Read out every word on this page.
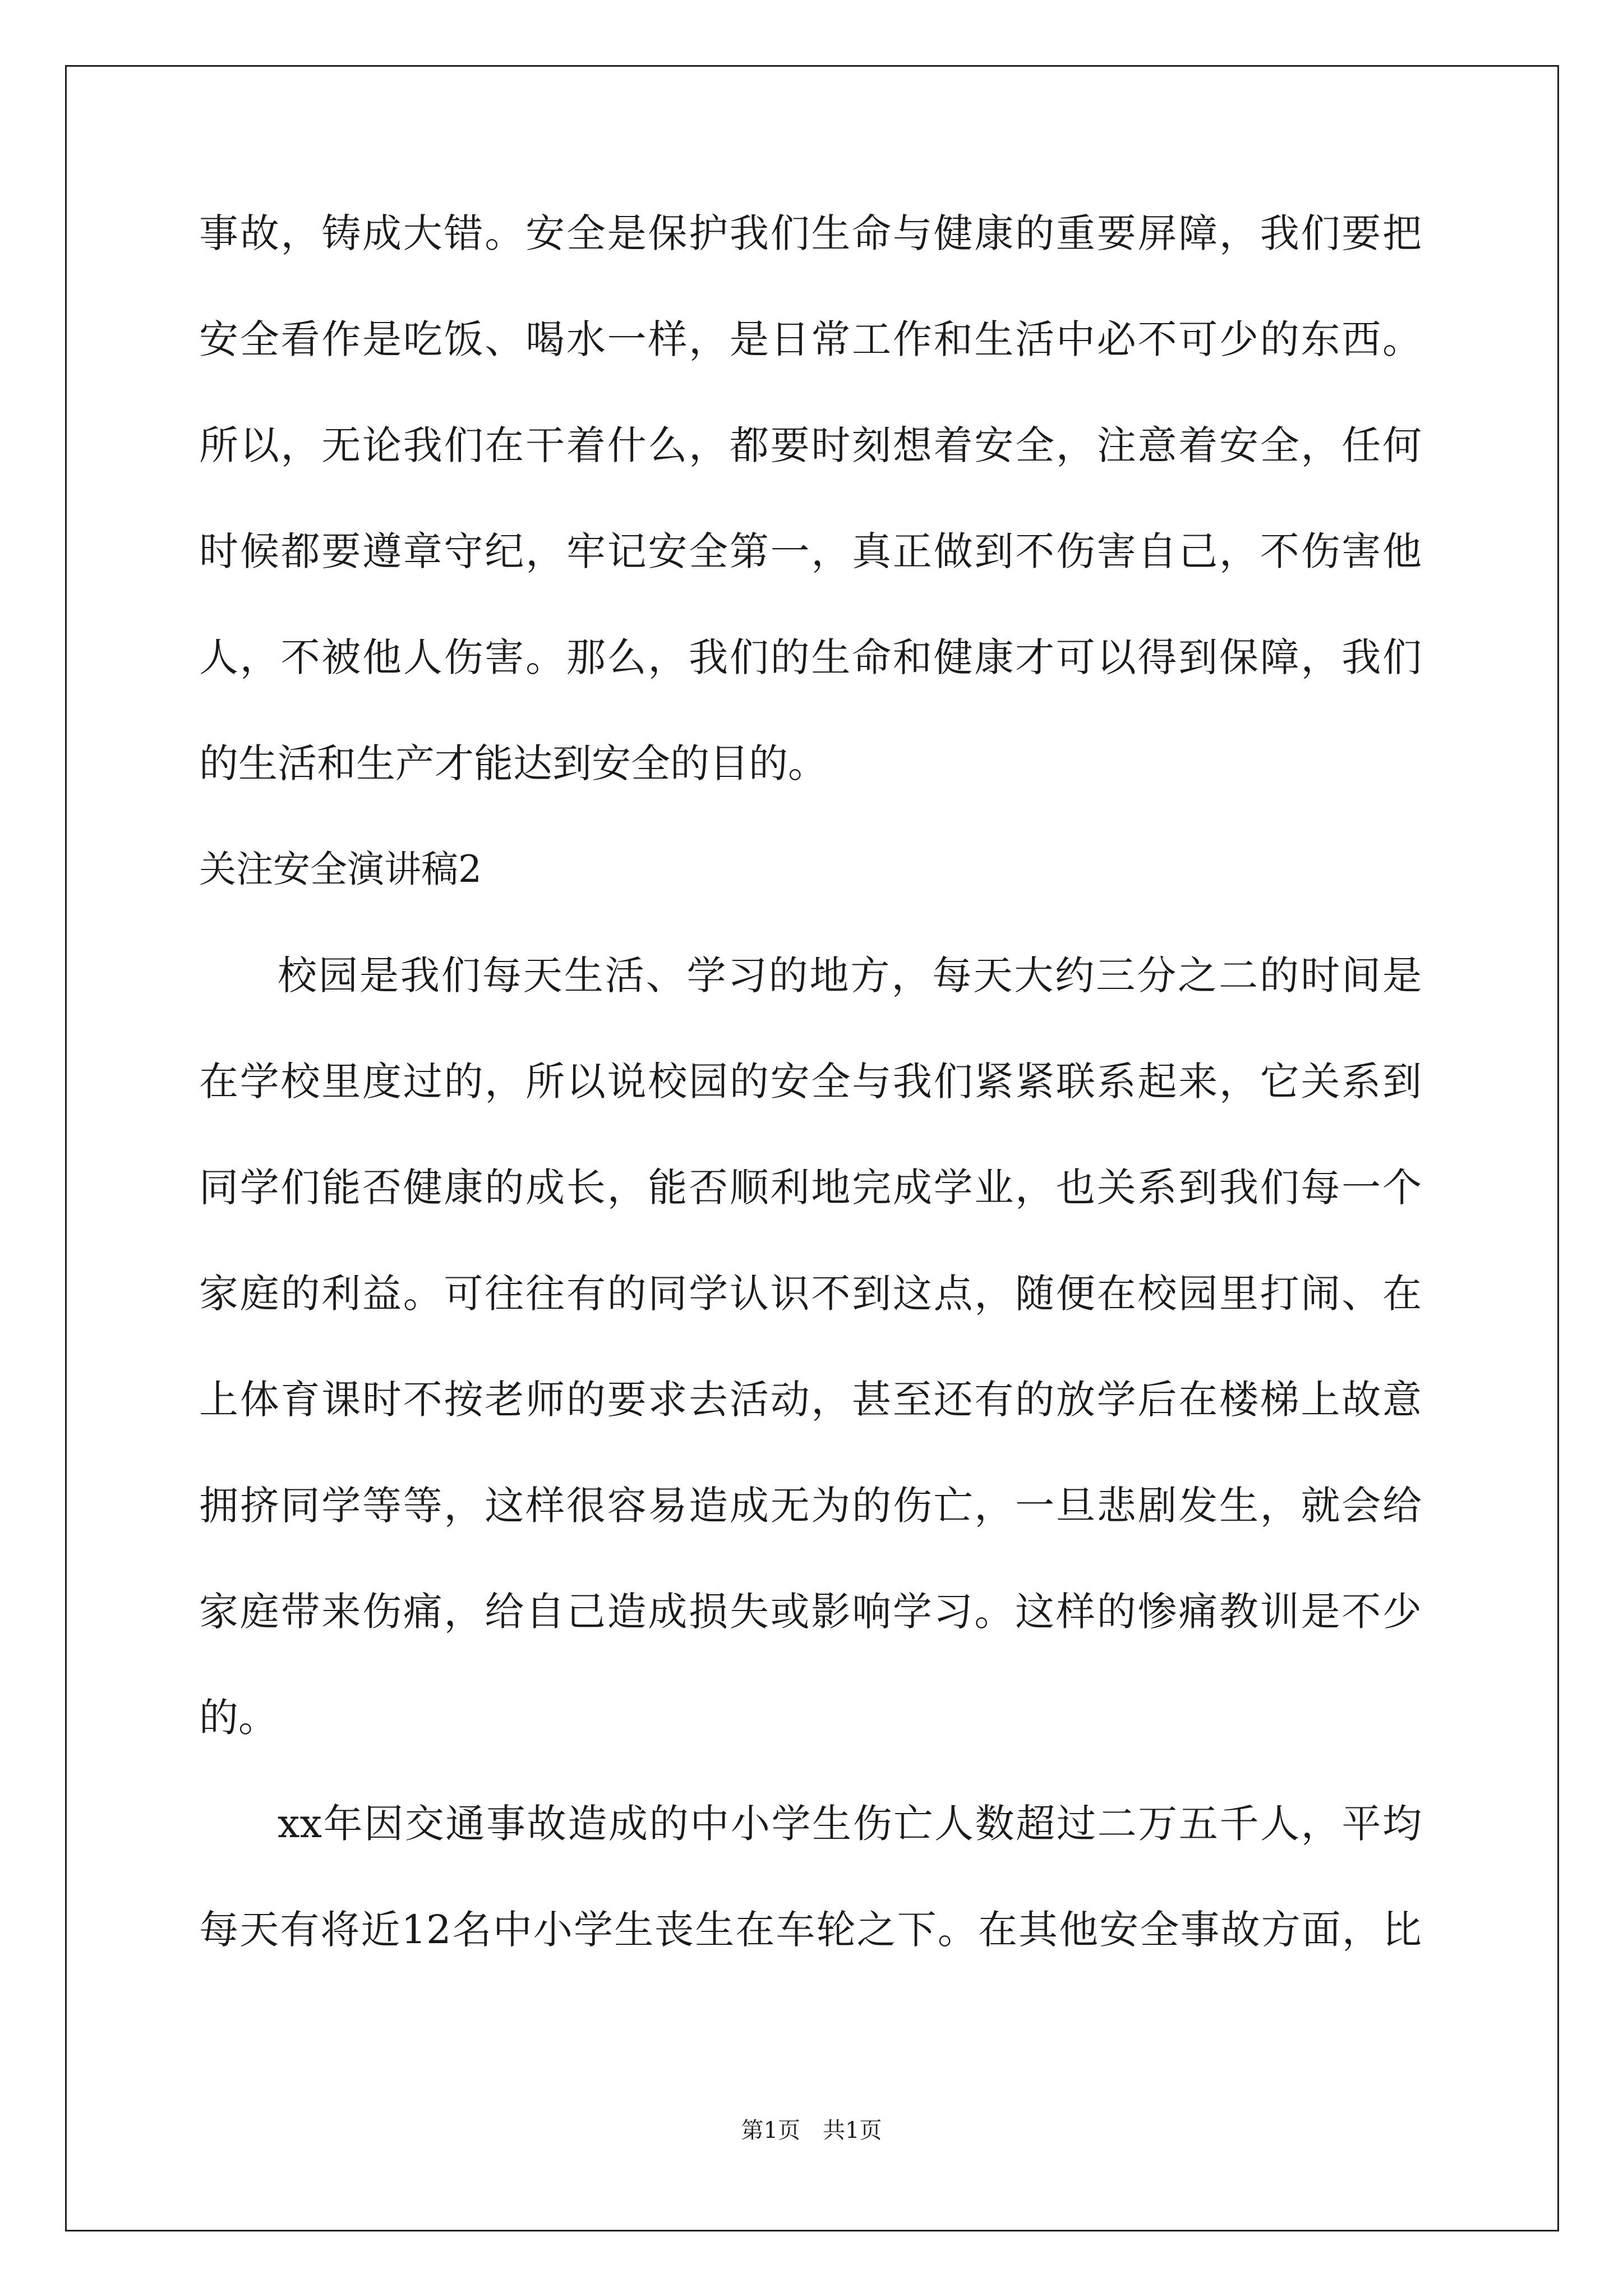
事故，铸成大错。安全是保护我们生命与健康的重要屏障，我们要把
安全看作是吃饭、喝水一样，是日常工作和生活中必不可少的东西。
所以，无论我们在干着什么，都要时刻想着安全，注意着安全，任何
时候都要遵章守纪，牢记安全第一，真正做到不伤害自己，不伤害他
人，不被他人伤害。那么，我们的生命和健康才可以得到保障，我们
的生活和生产才能达到安全的目的。
关注安全演讲稿2
校园是我们每天生活、学习的地方，每天大约三分之二的时间是
在学校里度过的，所以说校园的安全与我们紧紧联系起来，它关系到
同学们能否健康的成长，能否顺利地完成学业，也关系到我们每一个
家庭的利益。可往往有的同学认识不到这点，随便在校园里打闹、在
上体育课时不按老师的要求去活动，甚至还有的放学后在楼梯上故意
拥挤同学等等，这样很容易造成无为的伤亡，一旦悲剧发生，就会给
家庭带来伤痛，给自己造成损失或影响学习。这样的惨痛教训是不少
的。
xx年因交通事故造成的中小学生伤亡人数超过二万五千人，平均
每天有将近12名中小学生丧生在车轮之下。在其他安全事故方面，比
第1页　共1页
